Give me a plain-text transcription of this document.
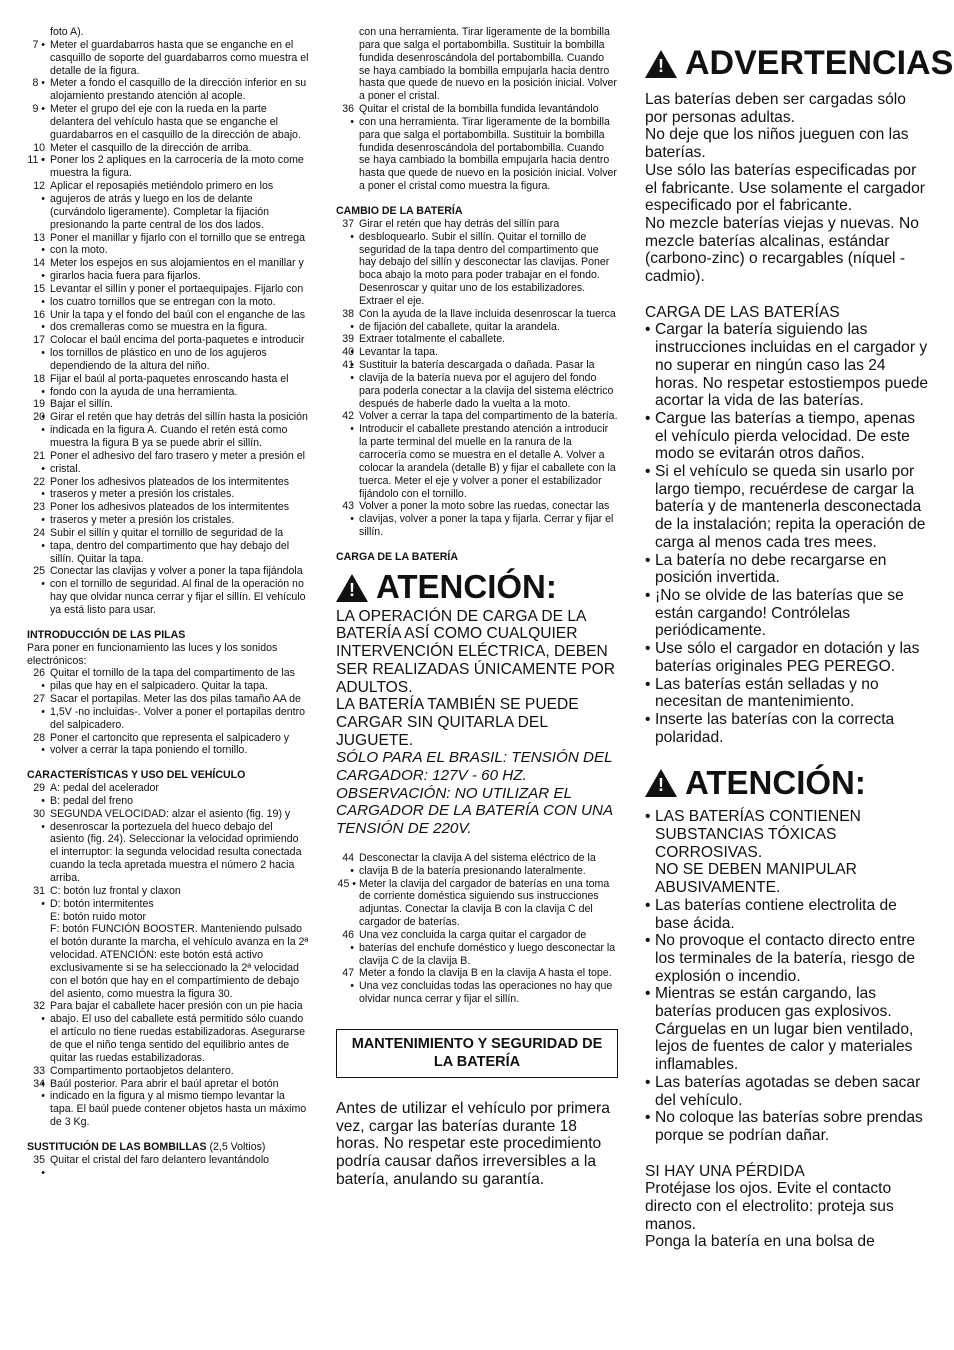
foto A).
7 •	Meter el guardabarros hasta que se enganche en el casquillo de soporte del guardabarros como muestra el detalle de la figura.
8 •	Meter a fondo el casquillo de la dirección inferior en su alojamiento prestando atención al acople.
9 •	Meter el grupo del eje con la rueda en la parte delantera del vehículo hasta que se enganche el guardabarros en el casquillo de la dirección de abajo.
10 • Meter el casquillo de la dirección de arriba.
11 •	Poner los 2 apliques en la carrocería de la moto come muestra la figura.
12 • Aplicar el reposapiés metiéndolo primero en los agujeros de atrás y luego en los de delante (curvándolo ligeramente). Completar la fijación presionando la parte central de los dos lados.
13 • Poner el manillar y fijarlo con el tornillo que se entrega con la moto.
14 • Meter los espejos en sus alojamientos en el manillar y girarlos hacia fuera para fijarlos.
15 • Levantar el sillín y poner el portaequipajes. Fijarlo con los cuatro tornillos que se entregan con la moto.
16 • Unir la tapa y el fondo del baúl con el enganche de las dos cremalleras como se muestra en la figura.
17 • Colocar el baúl encima del porta-paquetes e introducir los tornillos de plástico en uno de los agujeros dependiendo de la altura del niño.
18 • Fijar el baúl al porta-paquetes enroscando hasta el fondo con la ayuda de una herramienta.
19 • Bajar el sillín.
20 • Girar el retén que hay detrás del sillín hasta la posición indicada en la figura A. Cuando el retén está como muestra la figura B ya se puede abrir el sillín.
21 • Poner el adhesivo del faro trasero y meter a presión el cristal.
22 • Poner los adhesivos plateados de los intermitentes traseros y meter a presión los cristales.
23 • Poner los adhesivos plateados de los intermitentes traseros y meter a presión los cristales.
24 • Subir el sillín y quitar el tornillo de seguridad de la tapa, dentro del compartimento que hay debajo del sillín. Quitar la tapa.
25 • Conectar las clavijas y volver a poner la tapa fijándola con el tornillo de seguridad. Al final de la operación no hay que olvidar nunca cerrar y fijar el sillín. El vehículo ya está listo para usar.
INTRODUCCIÓN DE LAS PILAS
Para poner en funcionamiento las luces y los sonidos electrónicos:
26 • Quitar el tornillo de la tapa del compartimento de las pilas que hay en el salpicadero. Quitar la tapa.
27 • Sacar el portapilas. Meter las dos pilas tamaño AA de 1,5V -no incluidas-. Volver a poner el portapilas dentro del salpicadero.
28 • Poner el cartoncito que representa el salpicadero y volver a cerrar la tapa poniendo el tornillo.
CARACTERÍSTICAS Y USO DEL VEHÍCULO
29 • A: pedal del acelerador
B: pedal del freno
30 • SEGUNDA VELOCIDAD: alzar el asiento (fig. 19) y desenroscar la portezuela del hueco debajo del asiento (fig. 24). Seleccionar la velocidad oprimiendo el interruptor: la segunda velocidad resulta conectada cuando la tecla apretada muestra el número 2 hacia arriba.
31 • C: botón luz frontal y claxon
D: botón intermitentes
E: botón ruido motor
F: botón FUNCIÓN BOOSTER. Manteniendo pulsado el botón durante la marcha, el vehículo avanza en la 2ª velocidad. ATENCIÓN: este botón está activo exclusivamente si se ha seleccionado la 2ª velocidad con el botón que hay en el compartimiento de debajo del asiento, como muestra la figura 30.
32 • Para bajar el caballete hacer presión con un pie hacia abajo. El uso del caballete está permitido sólo cuando el artículo no tiene ruedas estabilizadoras. Asegurarse de que el niño tenga sentido del equilibrio antes de quitar las ruedas estabilizadoras.
33 • Compartimento portaobjetos delantero.
34 • Baúl posterior. Para abrir el baúl apretar el botón indicado en la figura y al mismo tiempo levantar la tapa. El baúl puede contener objetos hasta un máximo de 3 Kg.
SUSTITUCIÓN DE LAS BOMBILLAS (2,5 Voltios)
35 • Quitar el cristal del faro delantero levantándolo
con una herramienta. Tirar ligeramente de la bombilla para que salga el portabombilla. Sustituir la bombilla fundida desenroscándola del portabombilla. Cuando se haya cambiado la bombilla empujarla hacia dentro hasta que quede de nuevo en la posición inicial. Volver a poner el cristal.
36 • Quitar el cristal de la bombilla fundida levantándolo con una herramienta. Tirar ligeramente de la bombilla para que salga el portabombilla. Sustituir la bombilla fundida desenroscándola del portabombilla. Cuando se haya cambiado la bombilla empujarla hacia dentro hasta que quede de nuevo en la posición inicial. Volver a poner el cristal como muestra la figura.
CAMBIO DE LA BATERÍA
37 • Girar el retén que hay detrás del sillín para desbloquearlo. Subir el sillín. Quitar el tornillo de seguridad de la tapa dentro del compartimento que hay debajo del sillín y desconectar las clavijas. Poner boca abajo la moto para poder trabajar en el fondo. Desenroscar y quitar uno de los estabilizadores. Extraer el eje.
38 • Con la ayuda de la llave incluida desenroscar la tuerca de fijación del caballete, quitar la arandela.
39 • Extraer totalmente el caballete.
40 • Levantar la tapa.
41 • Sustituir la batería descargada o dañada. Pasar la clavija de la batería nueva por el agujero del fondo para poderla conectar a la clavija del sistema eléctrico después de haberle dado la vuelta a la moto.
42 • Volver a cerrar la tapa del compartimento de la batería. Introducir el caballete prestando atención a introducir la parte terminal del muelle en la ranura de la carrocería como se muestra en el detalle A. Volver a colocar la arandela (detalle B) y fijar el caballete con la tuerca. Meter el eje y volver a poner el estabilizador fijándolo con el tornillo.
43 • Volver a poner la moto sobre las ruedas, conectar las clavijas, volver a poner la tapa y fijarla. Cerrar y fijar el sillín.
CARGA DE LA BATERÍA
!
ATENCIÓN:
LA OPERACIÓN DE CARGA DE LA BATERÍA ASÍ COMO CUALQUIER INTERVENCIÓN ELÉCTRICA, DEBEN SER REALIZADAS ÚNICAMENTE POR ADULTOS.
LA BATERÍA TAMBIÉN SE PUEDE CARGAR SIN QUITARLA DEL JUGUETE.
SÓLO PARA EL BRASIL: TENSIÓN DEL CARGADOR: 127V - 60 HZ. OBSERVACIÓN: NO UTILIZAR EL CARGADOR DE LA BATERÍA CON UNA TENSIÓN DE 220V.
44 • Desconectar la clavija A del sistema eléctrico de la clavija B de la batería presionando lateralmente.
45 • Meter la clavija del cargador de baterías en una toma de corriente doméstica siguiendo sus instrucciones adjuntas. Conectar la clavija B con la clavija C del cargador de baterías.
46 • Una vez concluida la carga quitar el cargador de baterías del enchufe doméstico y luego desconectar la clavija C de la clavija B.
47 • Meter a fondo la clavija B en la clavija A hasta el tope.
Una vez concluidas todas las operaciones no hay que olvidar nunca cerrar y fijar el sillín.
MANTENIMIENTO Y SEGURIDAD DE LA BATERÍA
Antes de utilizar el vehículo por primera vez, cargar las baterías durante 18 horas. No respetar este procedimiento podría causar daños irreversibles a la batería, anulando su garantía.
!
ADVERTENCIAS
Las baterías deben ser cargadas sólo por personas adultas.
No deje que los niños jueguen con las baterías.
Use sólo las baterías especificadas por el fabricante. Use solamente el cargador especificado por el fabricante.
No mezcle baterías viejas y nuevas. No mezcle baterías alcalinas, estándar (carbono-zinc) o recargables (níquel - cadmio).
CARGA DE LAS BATERÍAS
• Cargar la batería siguiendo las instrucciones incluidas en el cargador y no superar en ningún caso las 24 horas. No respetar estostiempos puede acortar la vida de las baterías.
• Cargue las baterías a tiempo, apenas el vehículo pierda velocidad. De este modo se evitarán otros daños.
• Si el vehículo se queda sin usarlo por largo tiempo, recuérdese de cargar la batería y de mantenerla desconectada de la instalación; repita la operación de carga al menos cada tres mees.
• La batería no debe recargarse en posición invertida.
• ¡No se olvide de las baterías que se están cargando! Contrólelas periódicamente.
• Use sólo el cargador en dotación y las baterías originales PEG PEREGO.
• Las baterías están selladas y no necesitan de mantenimiento.
• Inserte las baterías con la correcta polaridad.
!
ATENCIÓN:
• LAS BATERÍAS CONTIENEN SUBSTANCIAS TÓXICAS CORROSIVAS.
NO SE DEBEN MANIPULAR ABUSIVAMENTE.
• Las baterías contiene electrolita de base ácida.
• No provoque el contacto directo entre los terminales de la batería, riesgo de explosión o incendio.
• Mientras se están cargando, las baterías producen gas explosivos. Cárguelas en un lugar bien ventilado, lejos de fuentes de calor y materiales inflamables.
• Las baterías agotadas se deben sacar del vehículo.
• No coloque las baterías sobre prendas porque se podrían dañar.
SI HAY UNA PÉRDIDA
Protéjase los ojos. Evite el contacto directo con el electrolito: proteja sus manos.
Ponga la batería en una bolsa de
